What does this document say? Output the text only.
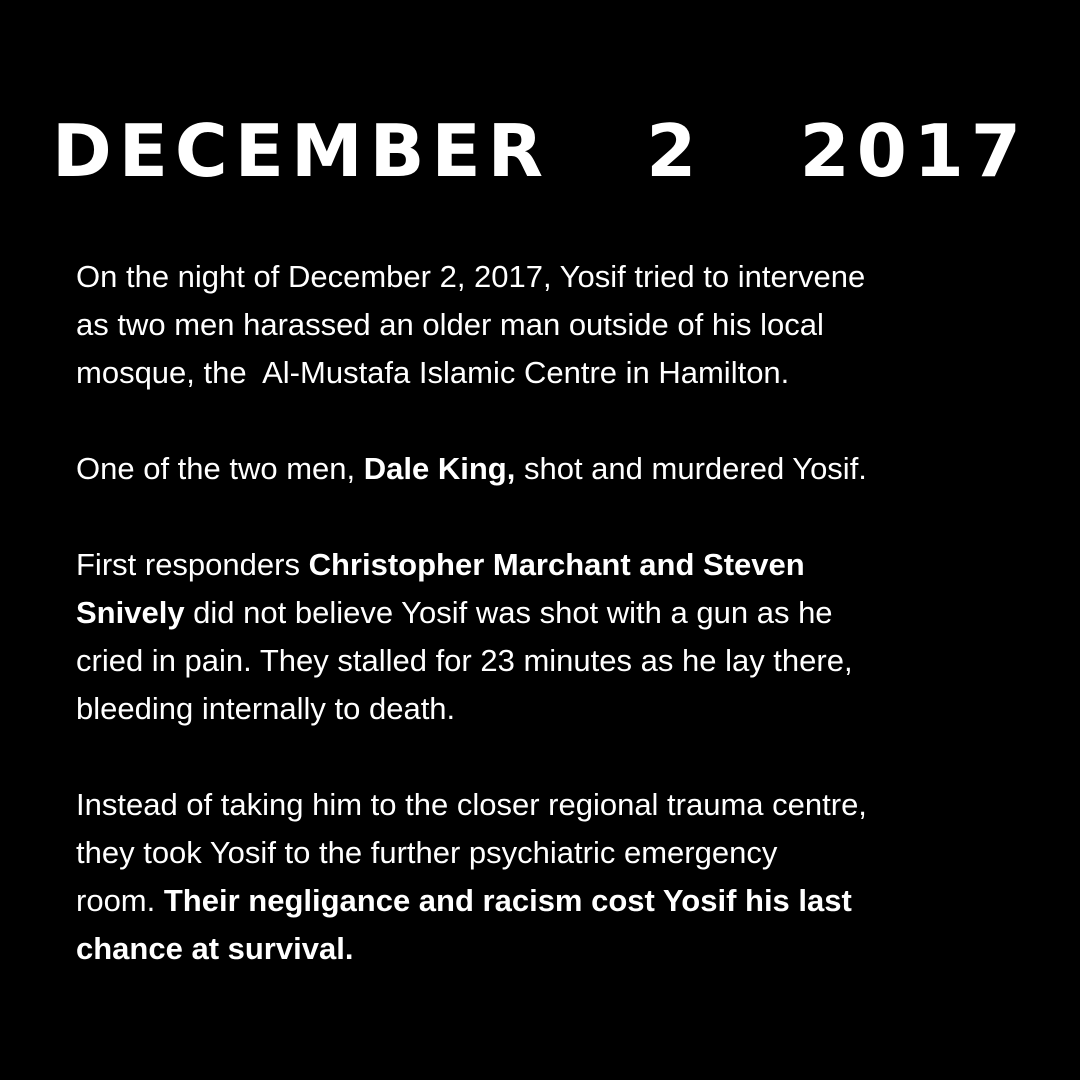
DECEMBER   2   2017

On the night of December 2, 2017, Yosif tried to intervene
as two men harassed an older man outside of his local
mosque, the  Al-Mustafa Islamic Centre in Hamilton.

One of the two men, Dale King, shot and murdered Yosif.

First responders Christopher Marchant and Steven
Snively did not believe Yosif was shot with a gun as he
cried in pain. They stalled for 23 minutes as he lay there,
bleeding internally to death.

Instead of taking him to the closer regional trauma centre,
they took Yosif to the further psychiatric emergency
room. Their negligance and racism cost Yosif his last
chance at survival.
